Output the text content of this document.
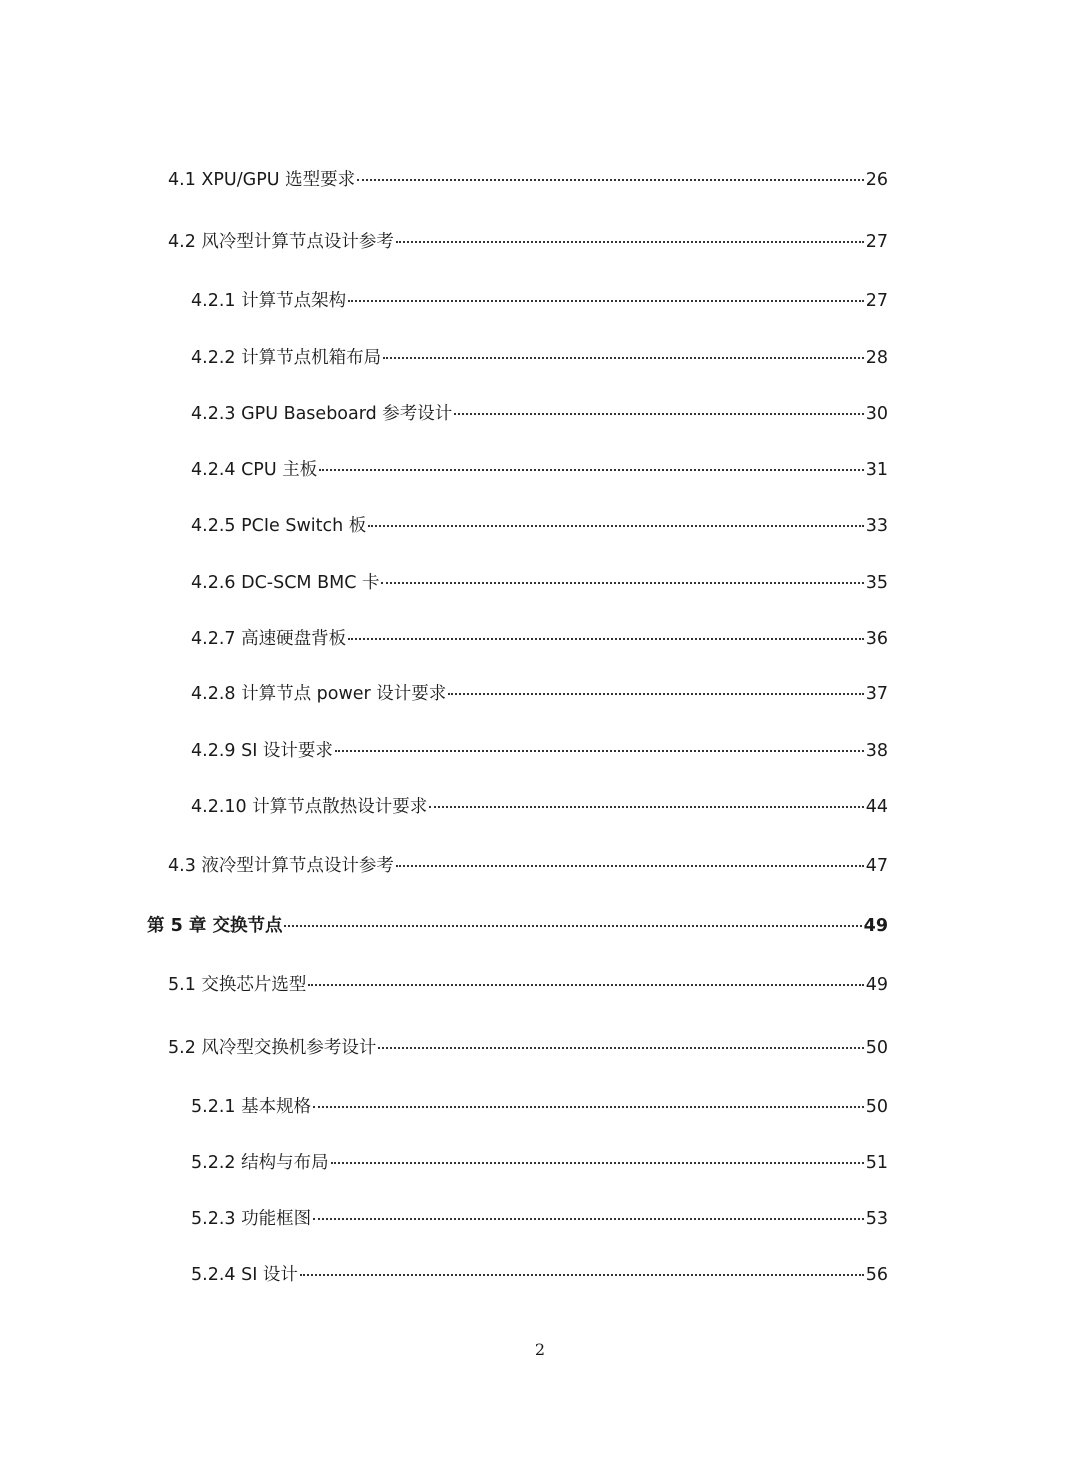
4.1 XPU/GPU 选型要求	26
4.2 风冷型计算节点设计参考	27
4.2.1 计算节点架构	27
4.2.2 计算节点机箱布局	28
4.2.3 GPU Baseboard 参考设计	30
4.2.4 CPU 主板	31
4.2.5 PCIe Switch 板	33
4.2.6 DC-SCM BMC 卡	35
4.2.7 高速硬盘背板	36
4.2.8 计算节点 power 设计要求	37
4.2.9 SI 设计要求	38
4.2.10 计算节点散热设计要求	44
4.3 液冷型计算节点设计参考	47
第 5 章 交换节点	49
5.1 交换芯片选型	49
5.2 风冷型交换机参考设计	50
5.2.1 基本规格	50
5.2.2 结构与布局	51
5.2.3 功能框图	53
5.2.4 SI 设计	56
2
